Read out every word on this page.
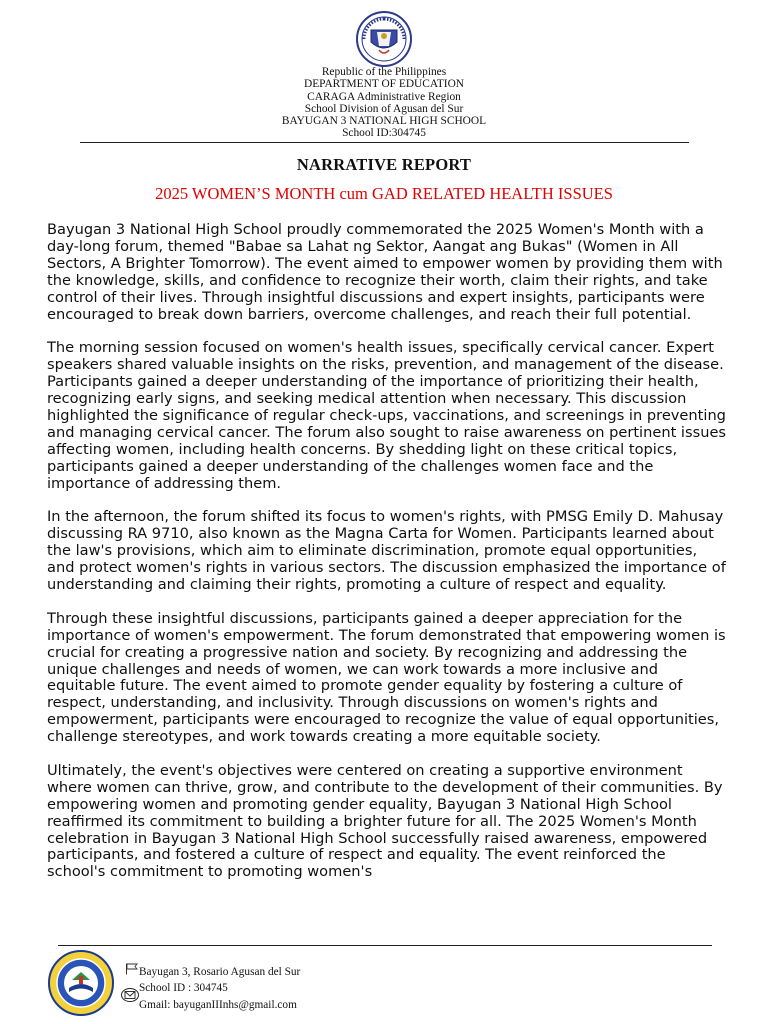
Republic of the Philippines
DEPARTMENT OF EDUCATION
CARAGA Administrative Region
School Division of Agusan del Sur
BAYUGAN 3 NATIONAL HIGH SCHOOL
School ID:304745
NARRATIVE REPORT
2025 WOMEN’S MONTH cum GAD RELATED HEALTH ISSUES

Bayugan 3 National High School proudly commemorated the 2025 Women's Month with a day-long forum, themed "Babae sa Lahat ng Sektor, Aangat ang Bukas" (Women in All Sectors, A Brighter Tomorrow). The event aimed to empower women by providing them with the knowledge, skills, and confidence to recognize their worth, claim their rights, and take control of their lives. Through insightful discussions and expert insights, participants were encouraged to break down barriers, overcome challenges, and reach their full potential.

The morning session focused on women's health issues, specifically cervical cancer. Expert speakers shared valuable insights on the risks, prevention, and management of the disease. Participants gained a deeper understanding of the importance of prioritizing their health, recognizing early signs, and seeking medical attention when necessary. This discussion highlighted the significance of regular check-ups, vaccinations, and screenings in preventing and managing cervical cancer. The forum also sought to raise awareness on pertinent issues affecting women, including health concerns. By shedding light on these critical topics, participants gained a deeper understanding of the challenges women face and the importance of addressing them.

In the afternoon, the forum shifted its focus to women's rights, with PMSG Emily D. Mahusay discussing RA 9710, also known as the Magna Carta for Women. Participants learned about the law's provisions, which aim to eliminate discrimination, promote equal opportunities, and protect women's rights in various sectors. The discussion emphasized the importance of understanding and claiming their rights, promoting a culture of respect and equality.

Through these insightful discussions, participants gained a deeper appreciation for the importance of women's empowerment. The forum demonstrated that empowering women is crucial for creating a progressive nation and society. By recognizing and addressing the unique challenges and needs of women, we can work towards a more inclusive and equitable future. The event aimed to promote gender equality by fostering a culture of respect, understanding, and inclusivity. Through discussions on women's rights and empowerment, participants were encouraged to recognize the value of equal opportunities, challenge stereotypes, and work towards creating a more equitable society.

Ultimately, the event's objectives were centered on creating a supportive environment where women can thrive, grow, and contribute to the development of their communities. By empowering women and promoting gender equality, Bayugan 3 National High School reaffirmed its commitment to building a brighter future for all. The 2025 Women's Month celebration in Bayugan 3 National High School successfully raised awareness, empowered participants, and fostered a culture of respect and equality. The event reinforced the school's commitment to promoting women's

Bayugan 3, Rosario Agusan del Sur
School ID : 304745
Gmail: bayuganIIInhs@gmail.com
